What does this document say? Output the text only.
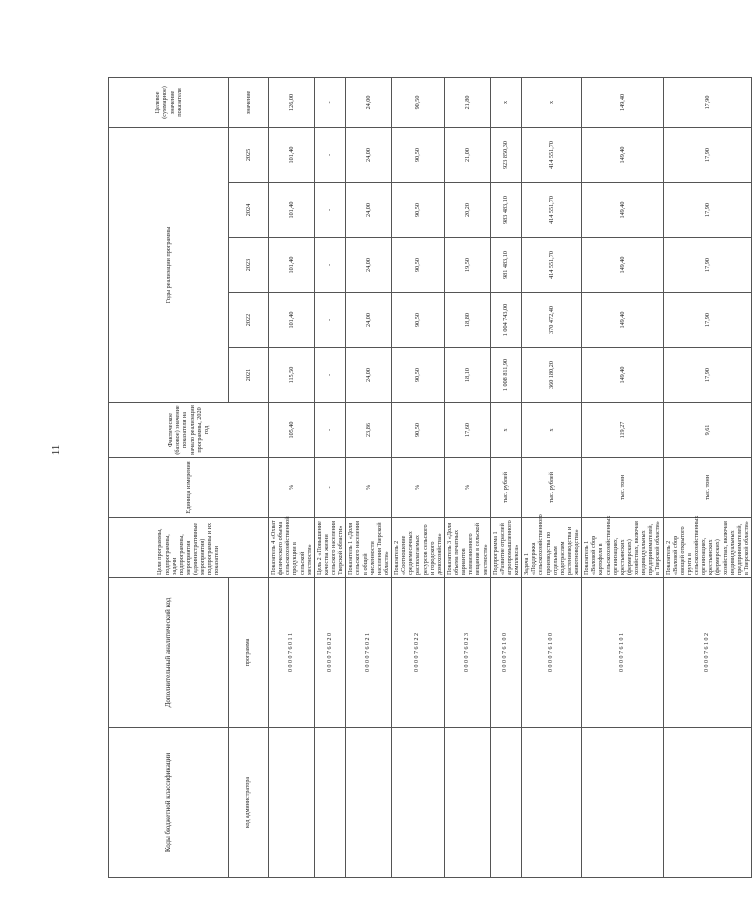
11
Коды бюджетной классификации	Дополнительный аналитический код	Цели программы, подпрограммы, задачи подпрограммы, мероприятия (административные мероприятия) подпрограммы и их показатели	Единица измерения	Фактическое (базовое) значение показателя на начало реализации программы, 2020 год	Годы реализации программы					Целевое (суммарное) значение показателя
код администратора	программа				2021	2022	2023	2024	2025	значение
	0 0 0 0 7 6 0 1 1	Показатель 4 «Охват физического объема сельскохозяйственной продукции в сельской местности»	%	105,40	115,50	101,40	101,40	101,40	101,40	126,00
	0 0 0 0 7 6 0 2 0	Цель 2 «Повышение качества жизни сельского населения Тверской области»	-	-	-	-	-	-	-	-
	0 0 0 0 7 6 0 2 1	Показатель 1 «Доля сельского населения в общей численности населения Тверской области»	%	23,86	24,00	24,00	24,00	24,00	24,00	24,00
	0 0 0 0 7 6 0 2 2	Показатель 2 «Соотношение среднемесячных располагаемых ресурсов сельского и городского домохозяйства»	%	90,50	90,50	90,50	90,50	90,50	90,50	90,50
	0 0 0 0 7 6 0 2 3	Показатель 3 «Доля объема печатных вариантов телевизионного вещания в сельской местности»	%	17,60	18,10	18,80	19,50	20,20	21,00	21,80
	0 0 0 0 7 6 1 0 0	Подпрограмма 1 «Развитие отраслей агропромышленного комплекса»	тыс. рублей	x	1 008 811,90	1 004 743,00	981 483,10	983 483,10	923 850,30	x
	0 0 0 0 7 6 1 0 0	Задача 1 «Поддержка сельскохозяйственного производства по отдельным подотраслям растениеводства и животноводства»	тыс. рублей	x	360 180,20	370 472,40	414 551,70	414 551,70	414 551,70	x
	0 0 0 0 7 6 1 0 1	Показатель 1 «Валовой сбор картофеля в сельскохозяйственных организациях, крестьянских (фермерских) хозяйствах, включая индивидуальных предпринимателей, в Тверской области»	тыс. тонн	119,27	149,40	149,40	149,40	149,40	149,40	149,40
	0 0 0 0 7 6 1 0 2	Показатель 2 «Валовой сбор овощей открытого грунта в сельскохозяйственных организациях, крестьянских (фермерских) хозяйствах, включая индивидуальных предпринимателей, в Тверской области»	тыс. тонн	9,61	17,90	17,90	17,90	17,90	17,90	17,90
